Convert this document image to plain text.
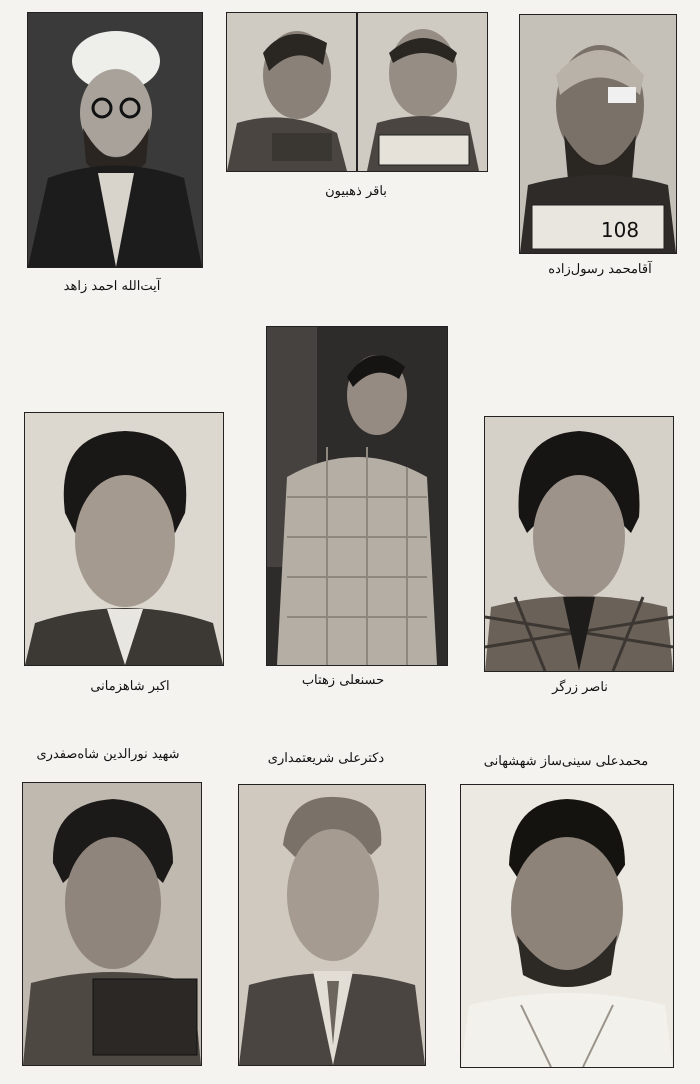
108
آیت‌الله احمد زاهد
باقر ذهبیون
آقامحمد رسول‌زاده
اکبر شاهزمانی	حسنعلی زهتاب	ناصر زرگر
شهید نورالدین شاه‌صفدری	دکترعلی شریعتمداری	محمدعلی سینی‌ساز شهشهانی
